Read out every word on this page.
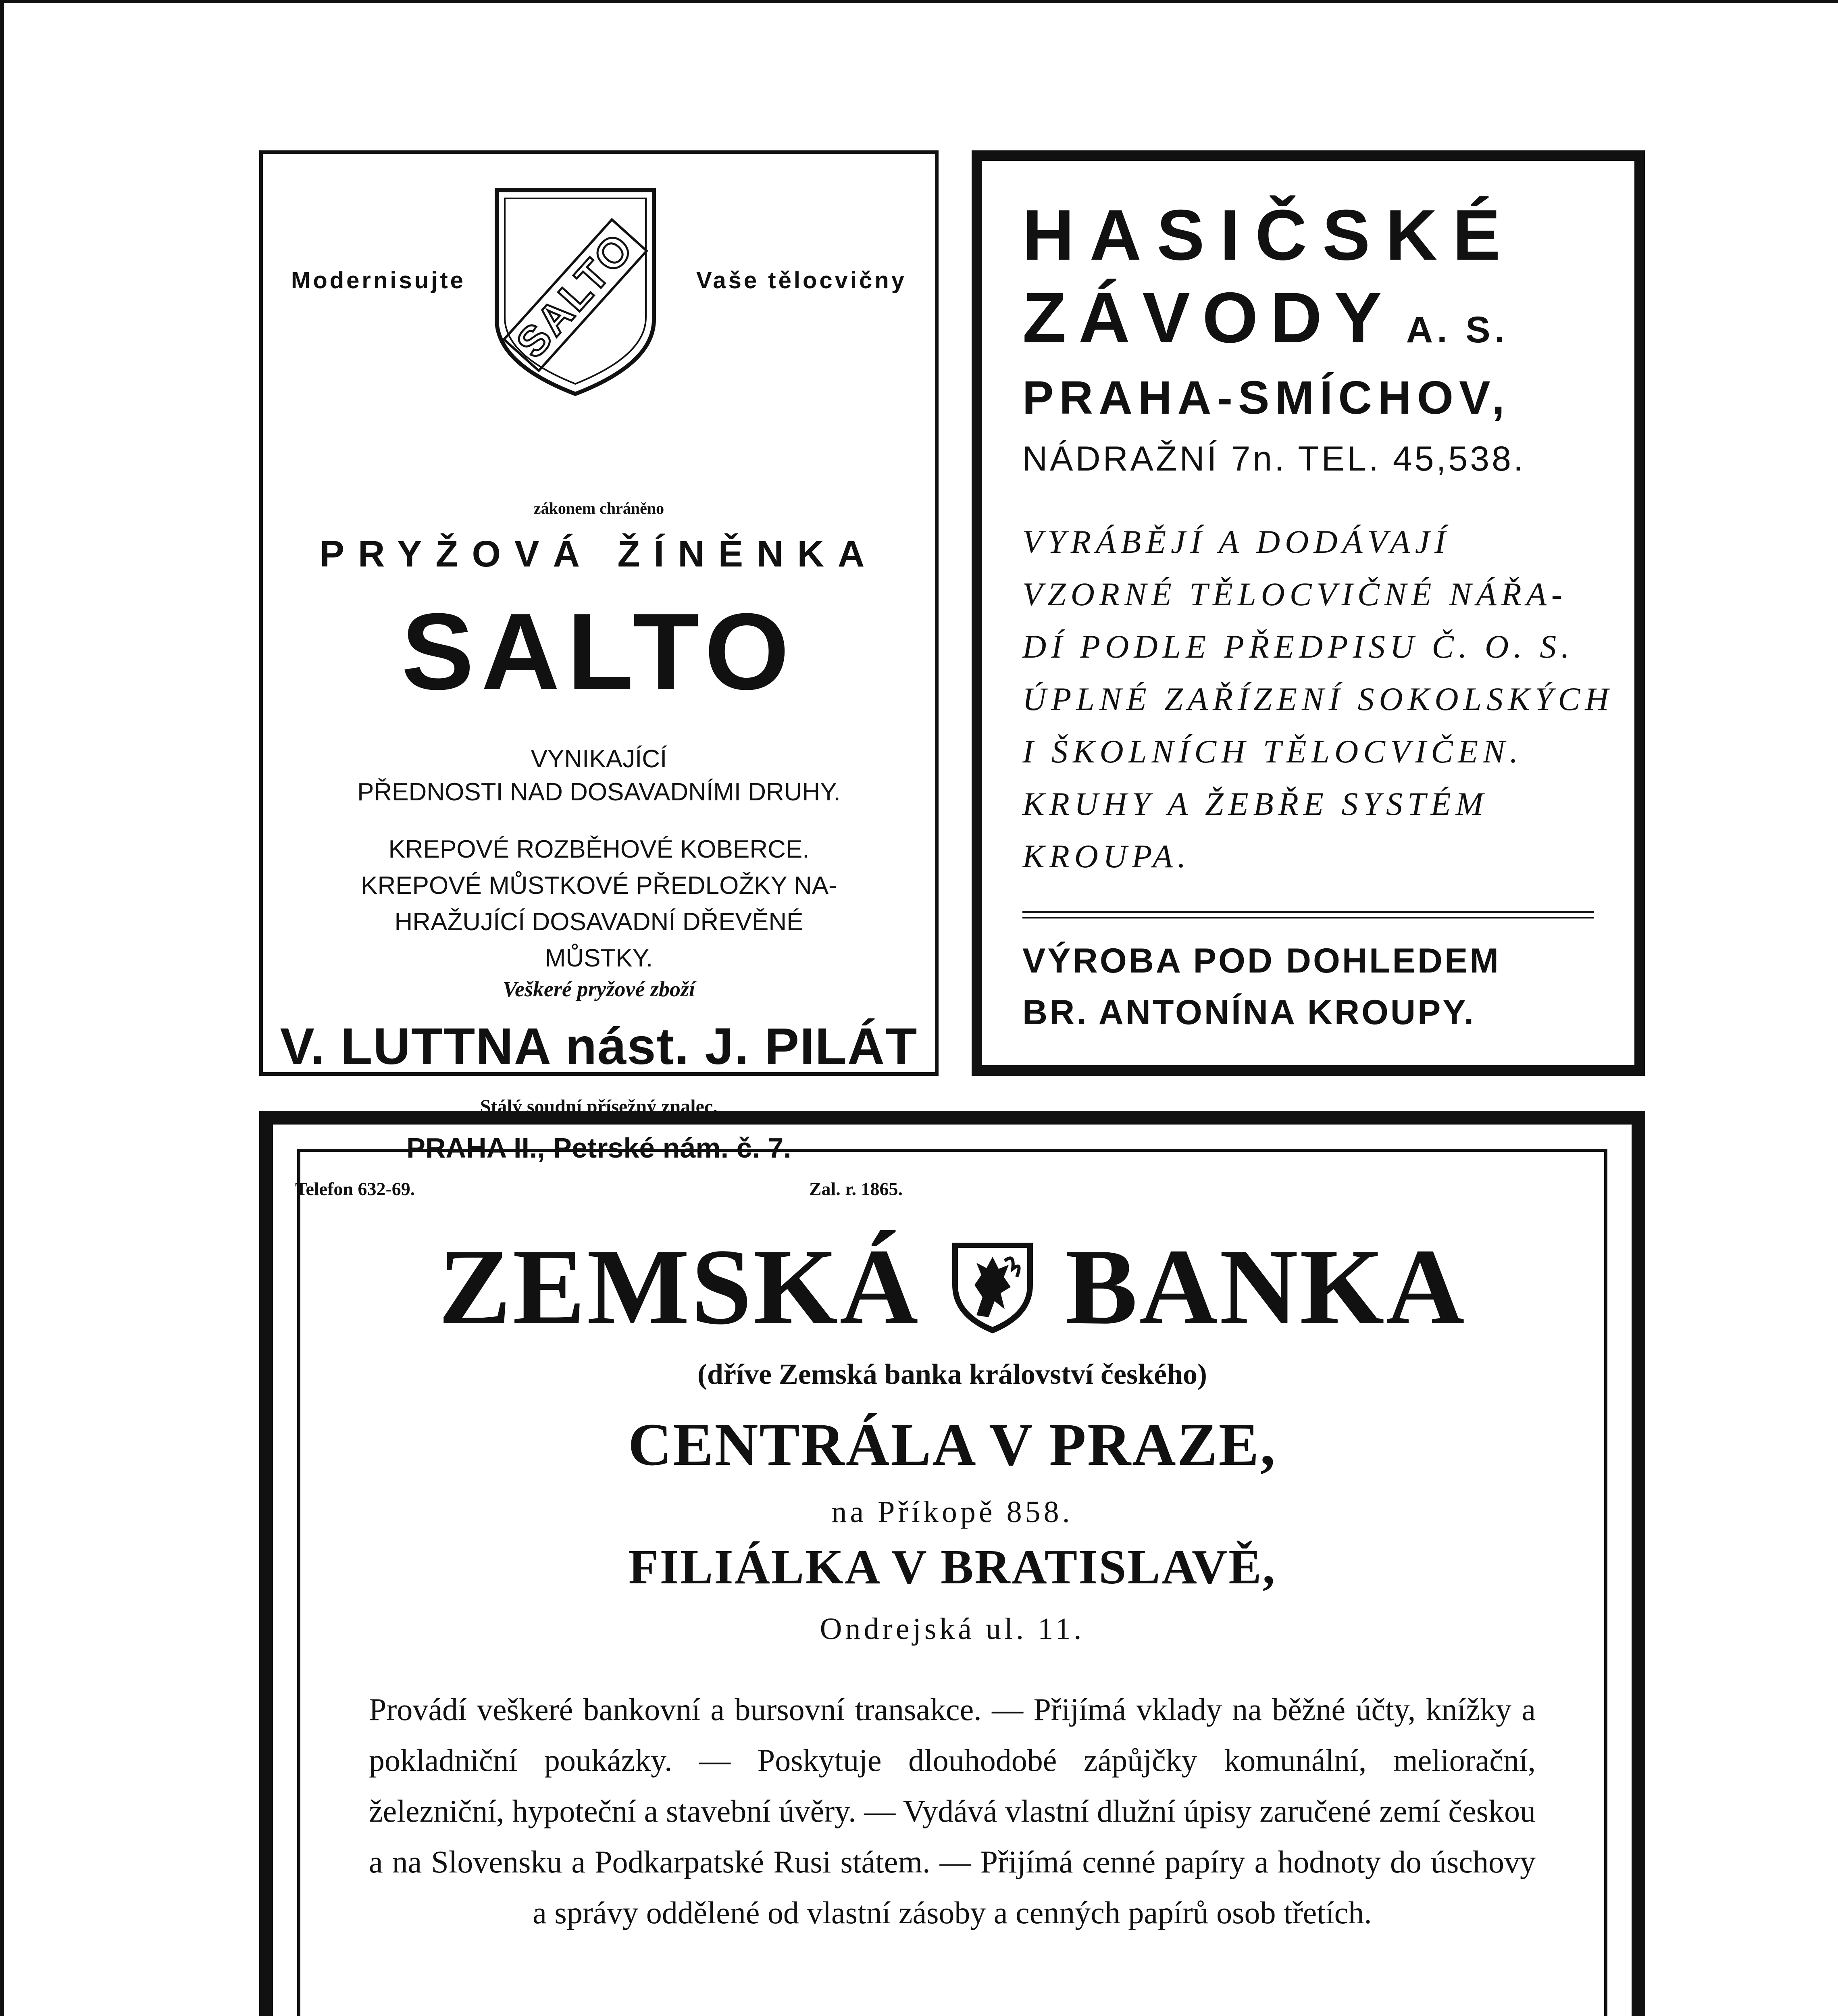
Modernisujte SALTO Vaše tělocvičny
zákonem chráněno
PRYŽOVÁ ŽÍNĚNKA
SALTO
VYNIKAJÍCÍ
PŘEDNOSTI NAD DOSAVADNÍMI DRUHY.
KREPOVÉ ROZBĚHOVÉ KOBERCE.
KREPOVÉ MŮSTKOVÉ PŘEDLOŽKY NA-
HRAŽUJÍCÍ DOSAVADNÍ DŘEVĚNÉ
MŮSTKY.
Veškeré pryžové zboží
V. LUTTNA nást. J. PILÁT
Stálý soudní přísežný znalec.
PRAHA II., Petrské nám. č. 7.
Telefon 632-69.	Zal. r. 1865.
HASIČSKÉ
ZÁVODY A. S.
PRAHA-SMÍCHOV,
NÁDRAŽNÍ 7n. TEL. 45,538.
VYRÁBĚJÍ A DODÁVAJÍ
VZORNÉ TĚLOCVIČNÉ NÁŘA-
DÍ PODLE PŘEDPISU Č. O. S.
ÚPLNÉ ZAŘÍZENÍ SOKOLSKÝCH
I ŠKOLNÍCH TĚLOCVIČEN.
KRUHY A ŽEBŘE SYSTÉM
KROUPA.
VÝROBA POD DOHLEDEM
BR. ANTONÍNA KROUPY.
ZEMSKÁ BANKA
(dříve Zemská banka království českého)
CENTRÁLA V PRAZE,
na Příkopě 858.
FILIÁLKA V BRATISLAVĚ,
Ondrejská ul. 11.
Provádí veškeré bankovní a bursovní transakce. — Přijímá vklady na běžné účty, knížky a pokladniční poukázky. — Poskytuje dlouhodobé zápůjčky komunální, meliorační, železniční, hypoteční a stavební úvěry. — Vydává vlastní dlužní úpisy zaručené zemí českou a na Slovensku a Podkarpatské Rusi státem. — Přijímá cenné papíry a hodnoty do úschovy a správy oddělené od vlastní zásoby a cenných papírů osob třetích.
